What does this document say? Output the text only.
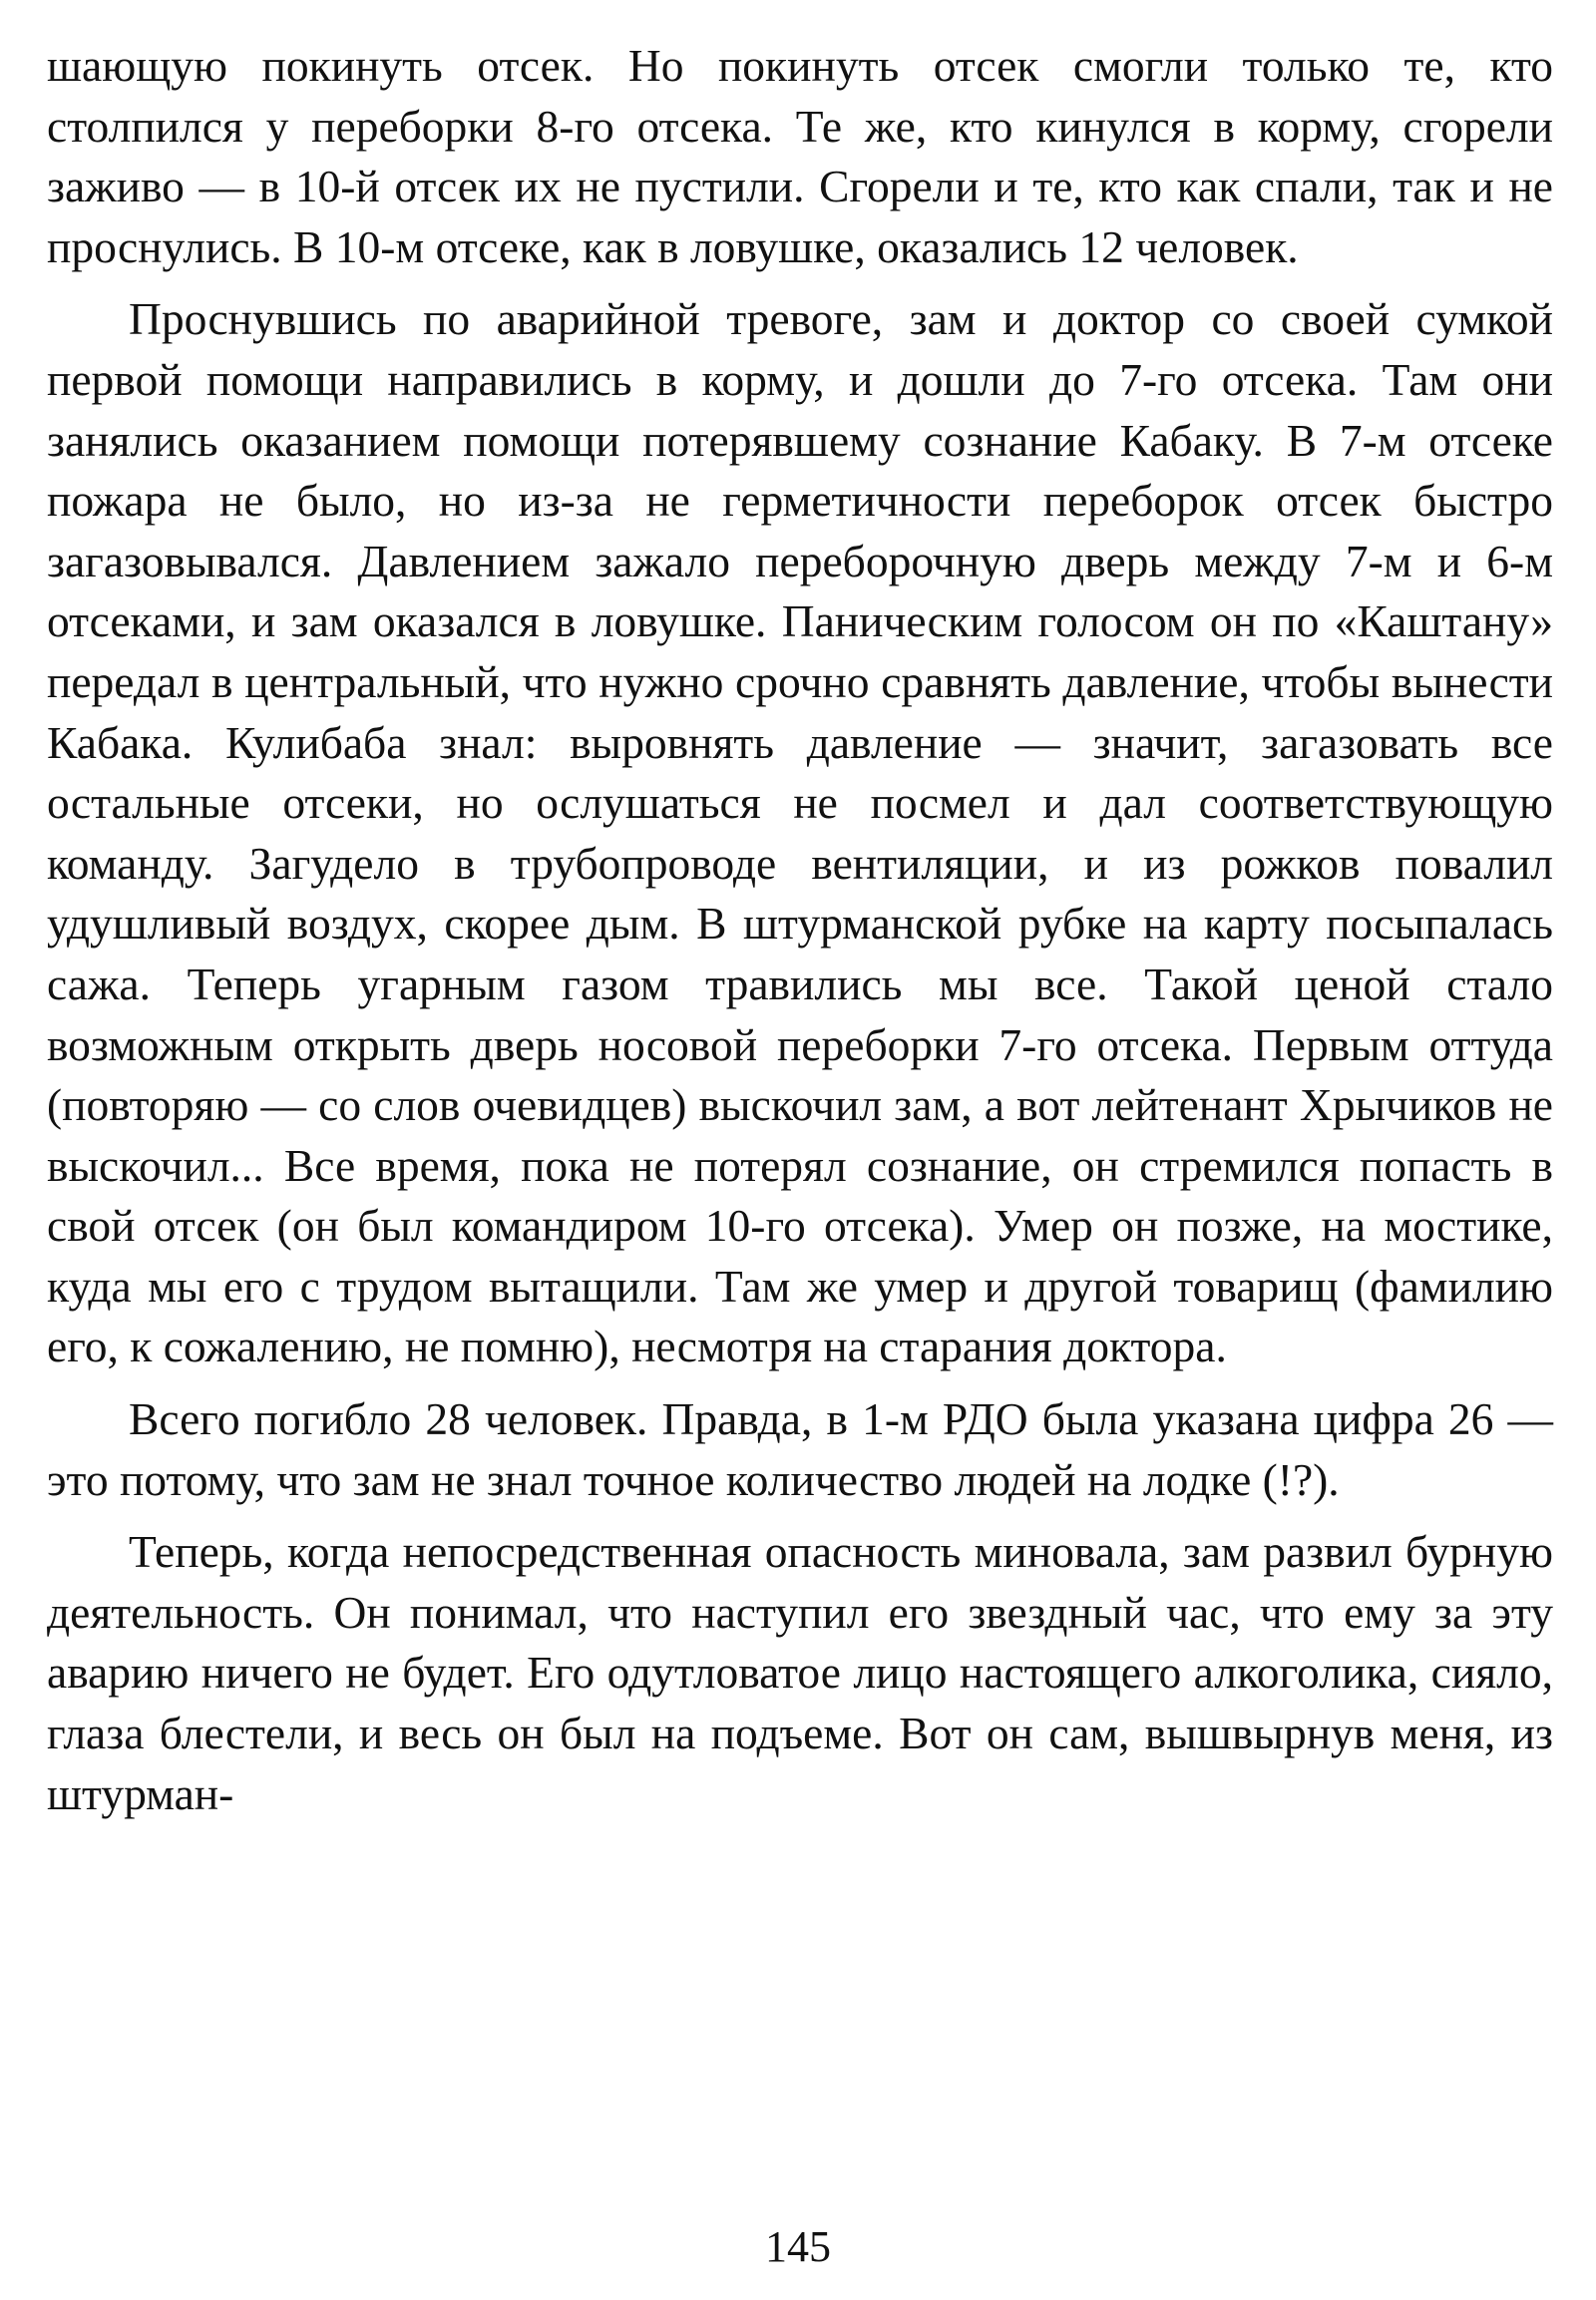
шающую покинуть отсек. Но покинуть отсек смогли только те, кто столпился у переборки 8-го отсека. Те же, кто кинулся в корму, сгорели заживо — в 10-й отсек их не пустили. Сгорели и те, кто как спали, так и не проснулись. В 10-м отсеке, как в ловушке, оказались 12 человек.

Проснувшись по аварийной тревоге, зам и доктор со своей сумкой первой помощи направились в корму, и дошли до 7-го отсека. Там они занялись оказанием помощи потерявшему сознание Кабаку. В 7-м отсеке пожара не было, но из-за не герметичности переборок отсек быстро загазовывался. Давлением зажало переборочную дверь между 7-м и 6-м отсеками, и зам оказался в ловушке. Паническим голосом он по «Каштану» передал в центральный, что нужно срочно сравнять давление, чтобы вынести Кабака. Кулибаба знал: выровнять давление — значит, загазовать все остальные отсеки, но ослушаться не посмел и дал соответствующую команду. Загудело в трубопроводе вентиляции, и из рожков повалил удушливый воздух, скорее дым. В штурманской рубке на карту посыпалась сажа. Теперь угарным газом травились мы все. Такой ценой стало возможным открыть дверь носовой переборки 7-го отсека. Первым оттуда (повторяю — со слов очевидцев) выскочил зам, а вот лейтенант Хрычиков не выскочил... Все время, пока не потерял сознание, он стремился попасть в свой отсек (он был командиром 10-го отсека). Умер он позже, на мостике, куда мы его с трудом вытащили. Там же умер и другой товарищ (фамилию его, к сожалению, не помню), несмотря на старания доктора.

Всего погибло 28 человек. Правда, в 1-м РДО была указана цифра 26 — это потому, что зам не знал точное количество людей на лодке (!?).

Теперь, когда непосредственная опасность миновала, зам развил бурную деятельность. Он понимал, что наступил его звездный час, что ему за эту аварию ничего не будет. Его одутловатое лицо настоящего алкоголика, сияло, глаза блестели, и весь он был на подъеме. Вот он сам, вышвырнув меня, из штурман-

145
